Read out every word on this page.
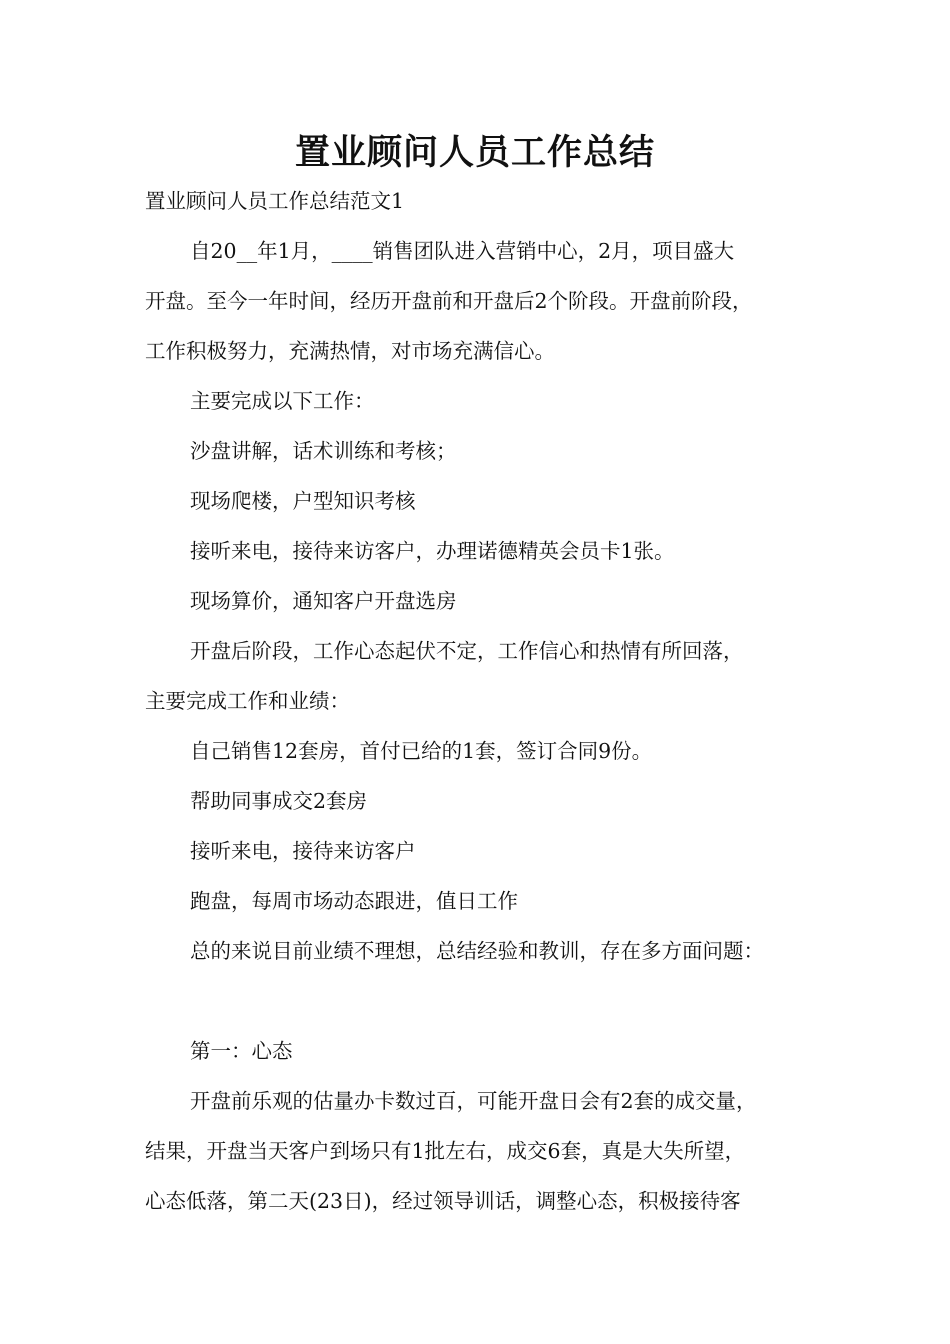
置业顾问人员工作总结
置业顾问人员工作总结范文1
自20__年1月，____销售团队进入营销中心，2月，项目盛大
开盘。至今一年时间，经历开盘前和开盘后2个阶段。开盘前阶段，
工作积极努力，充满热情，对市场充满信心。
主要完成以下工作：
沙盘讲解，话术训练和考核；
现场爬楼，户型知识考核
接听来电，接待来访客户，办理诺德精英会员卡1张。
现场算价，通知客户开盘选房
开盘后阶段，工作心态起伏不定，工作信心和热情有所回落，
主要完成工作和业绩：
自己销售12套房，首付已给的1套，签订合同9份。
帮助同事成交2套房
接听来电，接待来访客户
跑盘，每周市场动态跟进，值日工作
总的来说目前业绩不理想，总结经验和教训，存在多方面问题：
第一：心态
开盘前乐观的估量办卡数过百，可能开盘日会有2套的成交量，
结果，开盘当天客户到场只有1批左右，成交6套，真是大失所望，
心态低落，第二天(23日)，经过领导训话，调整心态，积极接待客
